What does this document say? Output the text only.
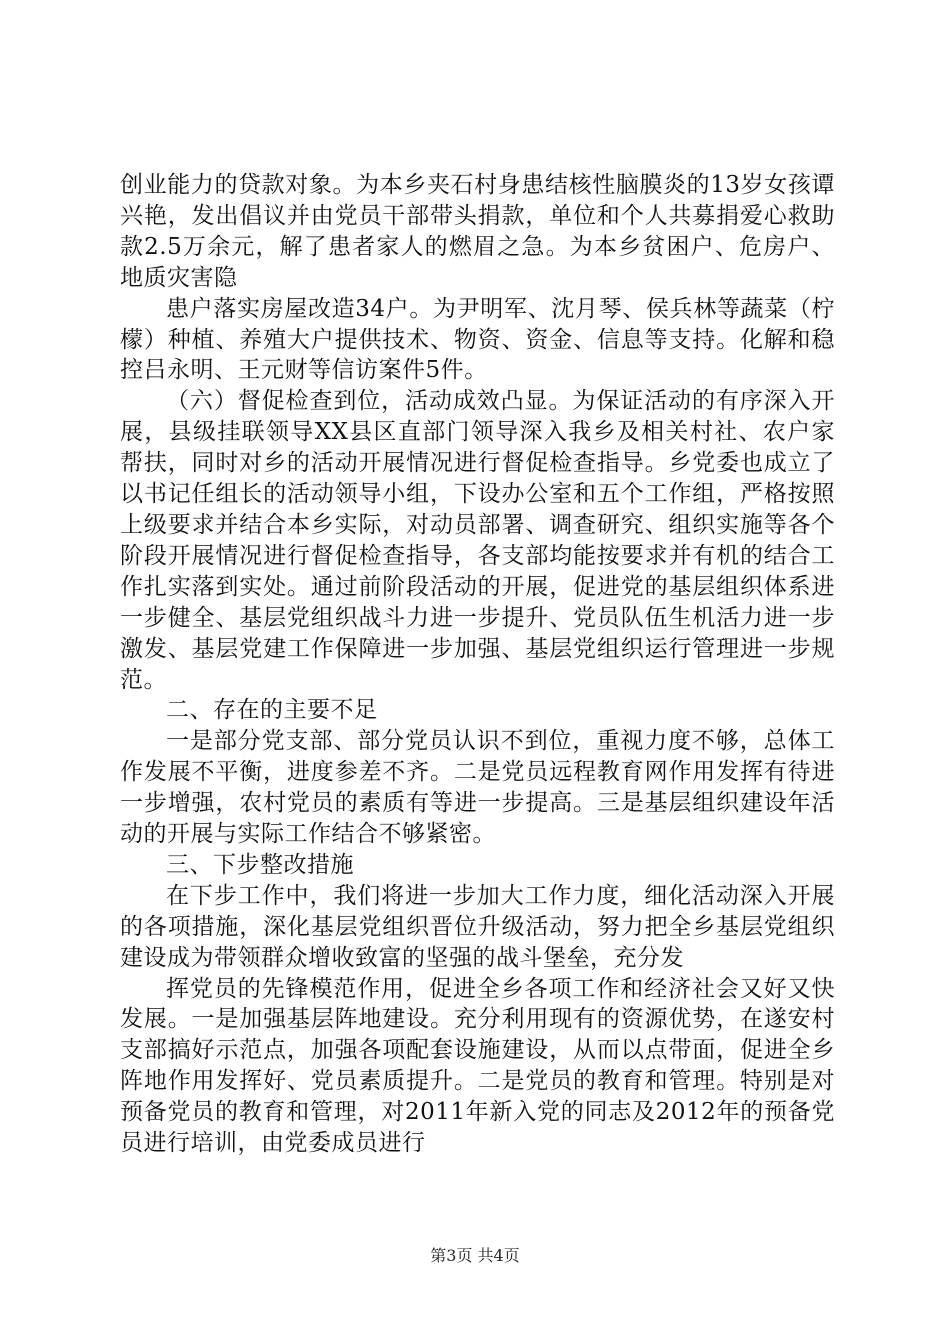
创业能力的贷款对象。为本乡夹石村身患结核性脑膜炎的13岁女孩谭兴艳，发出倡议并由党员干部带头捐款，单位和个人共募捐爱心救助款2.5万余元，解了患者家人的燃眉之急。为本乡贫困户、危房户、地质灾害隐

患户落实房屋改造34户。为尹明军、沈月琴、侯兵林等蔬菜（柠檬）种植、养殖大户提供技术、物资、资金、信息等支持。化解和稳控吕永明、王元财等信访案件5件。

（六）督促检查到位，活动成效凸显。为保证活动的有序深入开展，县级挂联领导XX县区直部门领导深入我乡及相关村社、农户家帮扶，同时对乡的活动开展情况进行督促检查指导。乡党委也成立了以书记任组长的活动领导小组，下设办公室和五个工作组，严格按照上级要求并结合本乡实际，对动员部署、调查研究、组织实施等各个阶段开展情况进行督促检查指导，各支部均能按要求并有机的结合工作扎实落到实处。通过前阶段活动的开展，促进党的基层组织体系进一步健全、基层党组织战斗力进一步提升、党员队伍生机活力进一步激发、基层党建工作保障进一步加强、基层党组织运行管理进一步规范。

二、存在的主要不足

一是部分党支部、部分党员认识不到位，重视力度不够，总体工作发展不平衡，进度参差不齐。二是党员远程教育网作用发挥有待进一步增强，农村党员的素质有等进一步提高。三是基层组织建设年活动的开展与实际工作结合不够紧密。

三、下步整改措施

在下步工作中，我们将进一步加大工作力度，细化活动深入开展的各项措施，深化基层党组织晋位升级活动，努力把全乡基层党组织建设成为带领群众增收致富的坚强的战斗堡垒，充分发

挥党员的先锋模范作用，促进全乡各项工作和经济社会又好又快发展。一是加强基层阵地建设。充分利用现有的资源优势，在遂安村支部搞好示范点，加强各项配套设施建设，从而以点带面，促进全乡阵地作用发挥好、党员素质提升。二是党员的教育和管理。特别是对预备党员的教育和管理，对2011年新入党的同志及2012年的预备党员进行培训，由党委成员进行

第3页 共4页
